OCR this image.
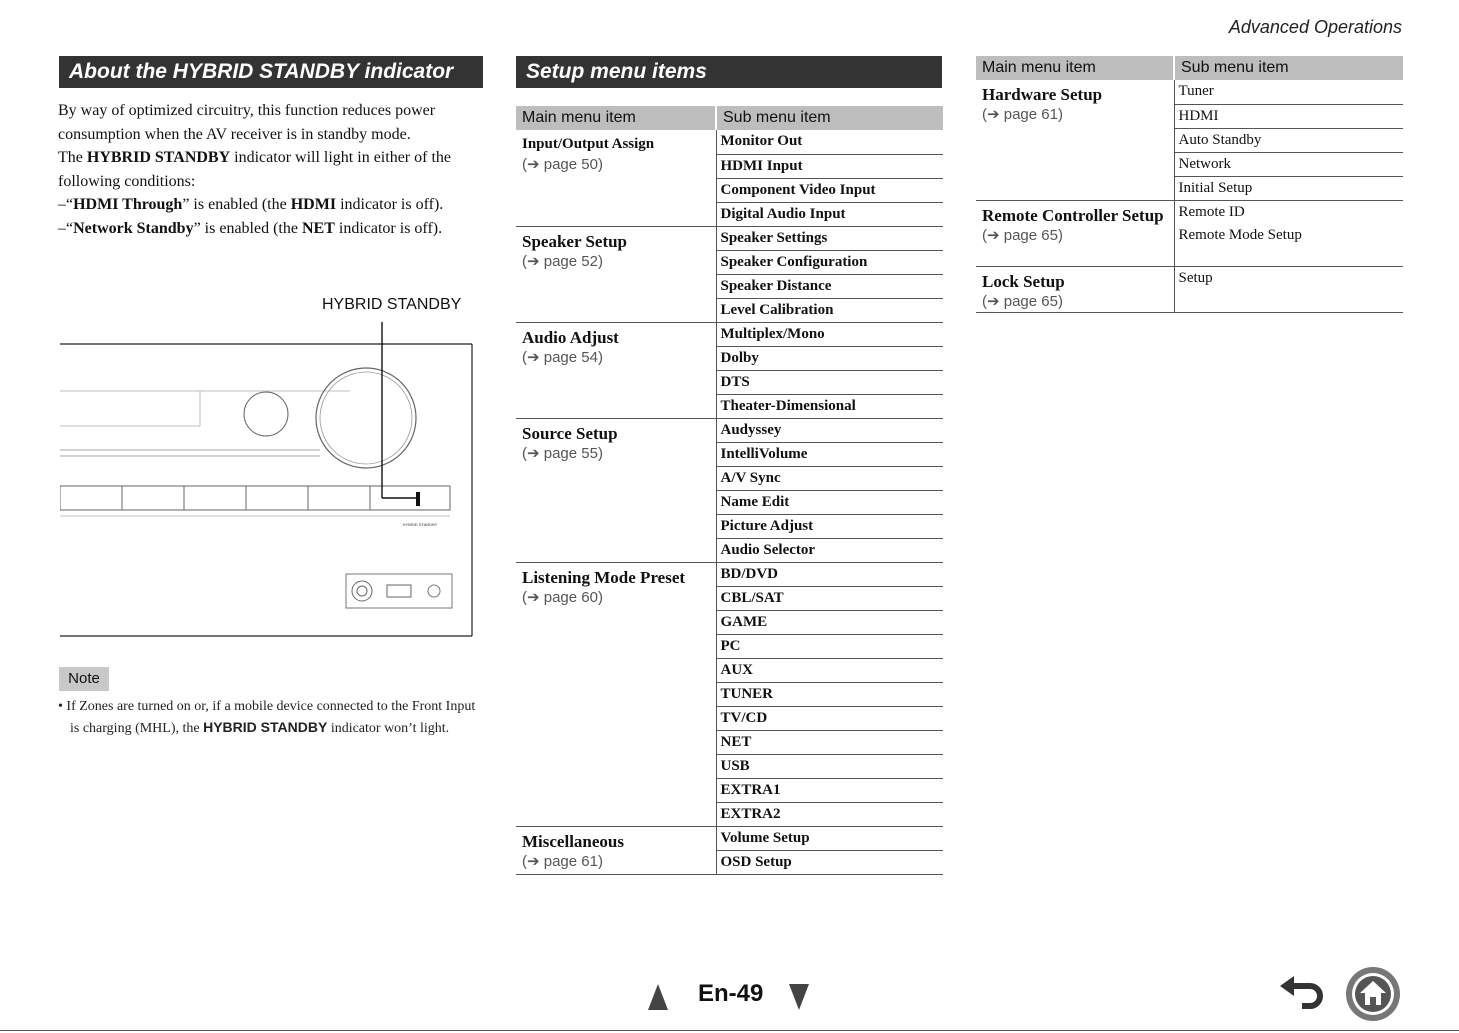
Advanced Operations
About the HYBRID STANDBY indicator

By way of optimized circuitry, this function reduces power consumption when the AV receiver is in standby mode.

The HYBRID STANDBY indicator will light in either of the following conditions:

–“HDMI Through” is enabled (the HDMI indicator is off).

–“Network Standby” is enabled (the NET indicator is off).

HYBRID STANDBY
HYBRID STANDBY
Note

• If Zones are turned on or, if a mobile device connected to the Front Input is charging (MHL), the HYBRID STANDBY indicator won’t light.

Setup menu items
Main menu item	Sub menu item

Input/Output Assign
(➔ page 50)	Monitor Out
	HDMI Input
	Component Video Input
	Digital Audio Input

Speaker Setup
(➔ page 52)	Speaker Settings
	Speaker Configuration
	Speaker Distance
	Level Calibration

Audio Adjust
(➔ page 54)	Multiplex/Mono
	Dolby
	DTS
	Theater-Dimensional

Source Setup
(➔ page 55)	Audyssey
	IntelliVolume
	A/V Sync
	Name Edit
	Picture Adjust
	Audio Selector

Listening Mode Preset
(➔ page 60)	BD/DVD
	CBL/SAT
	GAME
	PC
	AUX
	TUNER
	TV/CD
	NET
	USB
	EXTRA1
	EXTRA2

Miscellaneous
(➔ page 61)	Volume Setup
	OSD Setup
Main menu item	Sub menu item

Hardware Setup
(➔ page 61)	Tuner
	HDMI
	Auto Standby
	Network
	Initial Setup

Remote Controller Setup
(➔ page 65)	Remote ID
	Remote Mode Setup

Lock Setup
(➔ page 65)	Setup
En-49
